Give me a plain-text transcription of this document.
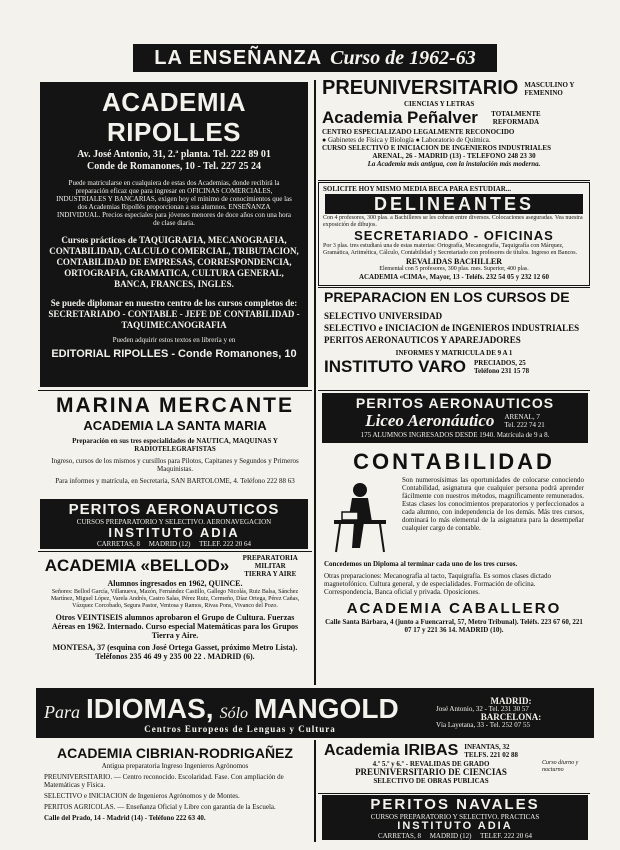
LA ENSEÑANZA Curso de 1962-63
ACADEMIA RIPOLLES
Av. José Antonio, 31, 2.ª planta. Tel. 222 89 01
Conde de Romanones, 10 - Tel. 227 25 24
Puede matricularse en cualquiera de estas dos Academias, donde recibirá la preparación eficaz que para ingresar en OFICINAS COMERCIALES, INDUSTRIALES Y BANCARIAS, exigen hoy el mínimo de conocimientos que las dos Academias Ripollés proporcionan a sus alumnos. ENSEÑANZA INDIVIDUAL. Precios especiales para jóvenes menores de doce años con una hora de clase diaria.
Cursos prácticos de TAQUIGRAFIA, MECANOGRAFIA, CONTABILIDAD, CALCULO COMERCIAL, TRIBUTACION, CONTABILIDAD DE EMPRESAS, CORRESPONDENCIA, ORTOGRAFIA, GRAMATICA, CULTURA GENERAL, BANCA, FRANCES, INGLES.
Se puede diplomar en nuestro centro de los cursos completos de: SECRETARIADO - CONTABLE - JEFE DE CONTABILIDAD - TAQUIMECANOGRAFIA
Pueden adquirir estos textos en librería y en
EDITORIAL RIPOLLES - Conde Romanones, 10
MARINA MERCANTE
ACADEMIA LA SANTA MARIA
Preparación en sus tres especialidades de NAUTICA, MAQUINAS Y RADIOTELEGRAFISTAS
Ingreso, cursos de los mismos y cursillos para Pilotos, Capitanes y Segundos y Primeros Maquinistas.
Para informes y matrícula, en Secretaría, SAN BARTOLOME, 4. Teléfono 222 88 63
PERITOS AERONAUTICOS
CURSOS PREPARATORIO Y SELECTIVO. AERONAVEGACION
INSTITUTO ADIA
CARRETAS, 8     MADRID (12)     TELEF. 222 20 64
ACADEMIA «BELLOD»	PREPARATORIA MILITAR
TIERRA Y AIRE
Alumnos ingresados en 1962, QUINCE.
Señores: Bellod García, Villanueva, Mazón, Fernández Castillo, Gallego Nicolás, Ruiz Balsa, Sánchez Martínez, Miguel López, Varela Andrés, Castro Salas, Pérez Ruiz, Cermeño, Díaz Ortega, Pérez Cañas, Vázquez Corcobado, Segura Pastor, Ventosa y Ramos, Rivas Pons, Vivanco del Pozo.
Otros VEINTISEIS alumnos aprobaron el Grupo de Cultura. Fuerzas Aéreas en 1962. Internado. Curso especial Matemáticas para los Grupos Tierra y Aire.
MONTESA, 37 (esquina con José Ortega Gasset, próximo Metro Lista). Teléfonos 235 46 49 y 235 00 22 . MADRID (6).
PREUNIVERSITARIO MASCULINO Y FEMENINO
CIENCIAS Y LETRAS
Academia Peñalver	TOTALMENTE REFORMADA
CENTRO ESPECIALIZADO LEGALMENTE RECONOCIDO
● Gabinetes de Física y Biología ● Laboratorio de Química.
CURSO SELECTIVO E INICIACION DE INGENIEROS INDUSTRIALES
ARENAL, 26 - MADRID (13) - TELEFONO 248 23 30
La Academia más antigua, con la instalación más moderna.
SOLICITE HOY MISMO MEDIA BECA PARA ESTUDIAR...
DELINEANTES
Con 4 profesores, 300 plas. a Bachilleres se les cobran entre diversos. Colocaciones aseguradas. Vea nuestra exposición de dibujos.
SECRETARIADO - OFICINAS
Por 3 plas. tres estudiará una de estas materias: Ortografía, Mecanografía, Taquigrafía con Márquez, Gramática, Aritmética, Cálculo, Contabilidad y Secretariado con profesores de títulos. Ingreso en Bancos.
REVALIDAS BACHILLER
Elemental con 5 profesores, 300 plas. mes. Superior, 400 plas.
ACADEMIA «CIMA», Mayor, 13 - Teléfs. 232 54 05 y 232 12 60
PREPARACION EN LOS CURSOS DE
SELECTIVO UNIVERSIDAD
SELECTIVO e INICIACION de INGENIEROS INDUSTRIALES
PERITOS AERONAUTICOS Y APAREJADORES
INFORMES Y MATRICULA DE 9 A 1
INSTITUTO VARO PRECIADOS, 25
Teléfono 231 15 78
PERITOS AERONAUTICOS
Liceo Aeronáutico ARENAL, 7
Tel. 222 74 21
175 ALUMNOS INGRESADOS DESDE 1940. Matrícula de 9 a 8.
CONTABILIDAD
Son numerosísimas las oportunidades de colocarse conociendo Contabilidad, asignatura que cualquier persona podrá aprender fácilmente con nuestros métodos, magníficamente remunerados. Estas clases los conocimientos preparatorios y perfeccionados a cada alumno, con independencia de los demás. Más tres cursos, dominará lo más elemental de la asignatura para la desempeñar cualquier cargo de contable.
Concedemos un Diploma al terminar cada uno de los tres cursos.
Otras preparaciones: Mecanografía al tacto, Taquigrafía. Es somos clases dictado magnetofónico. Cultura general, y de especialidades. Formación de oficina. Correspondencia, Banca oficial y privada. Oposiciones.
ACADEMIA CABALLERO
Calle Santa Bárbara, 4 (junto a Fuencarral, 57, Metro Tribunal). Teléfs. 223 67 60, 221 07 17 y 221 36 14. MADRID (10).
Para IDIOMAS, Sólo MANGOLD
Centros Europeos de Lenguas y Cultura
MADRID:
José Antonio, 32 - Tel. 231 30 57
BARCELONA:
Vía Layetana, 33 - Tel. 252 07 55
ACADEMIA CIBRIAN-RODRIGAÑEZ
Antigua preparatoria Ingreso Ingenieros Agrónomos
PREUNIVERSITARIO. — Centro reconocido. Escolaridad. Fase. Con ampliación de Matemáticas y Física.
SELECTIVO e INICIACION de Ingenieros Agrónomos y de Montes.
PERITOS AGRICOLAS. — Enseñanza Oficial y Libre con garantía de la Escuela.
Calle del Prado, 14 - Madrid (14) - Teléfono 222 63 40.
Academia IRIBAS INFANTAS, 32
TELFS. 221 02 88
4.º 5.º y 6.º - REVALIDAS DE GRADO
PREUNIVERSITARIO DE CIENCIAS
SELECTIVO DE OBRAS PUBLICAS
Curso diurno y nocturno
PERITOS NAVALES
CURSOS PREPARATORIO Y SELECTIVO. PRACTICAS
INSTITUTO ADIA
CARRETAS, 8     MADRID (12)     TELEF. 222 20 64
